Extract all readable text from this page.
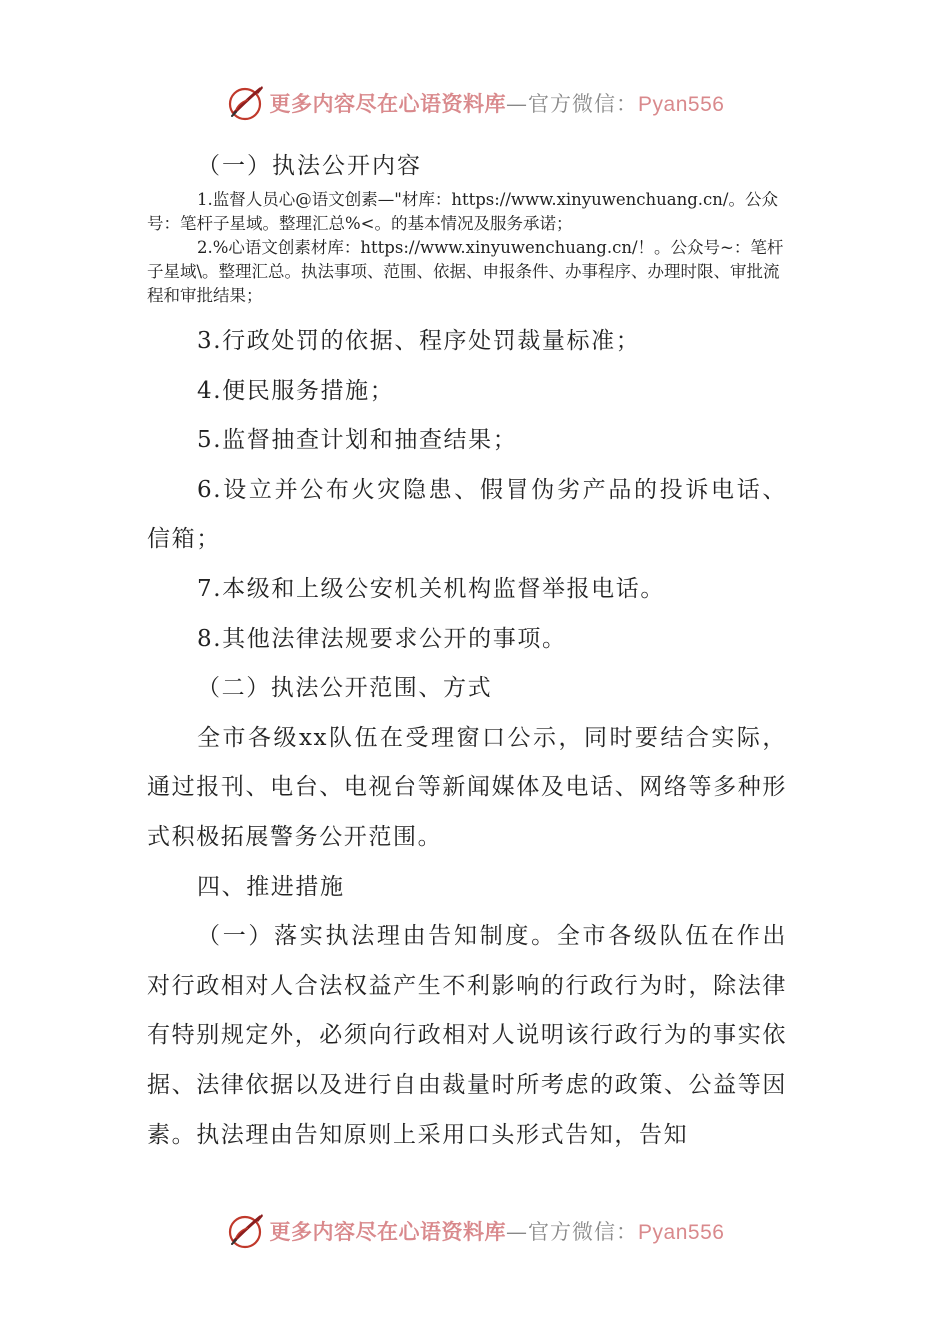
更多内容尽在心语资料库—官方微信：Pyan556

（一）执法公开内容

1.监督人员心@语文创素—"材库：https://www.xinyuwenchuang.cn/。公众号：笔杆子星域。整理汇总%<。的基本情况及服务承诺；

2.%心语文创素材库：https://www.xinyuwenchuang.cn/！。公众号~：笔杆子星域\。整理汇总。执法事项、范围、依据、申报条件、办事程序、办理时限、审批流程和审批结果；

3.行政处罚的依据、程序处罚裁量标准；

4.便民服务措施；

5.监督抽查计划和抽查结果；

6.设立并公布火灾隐患、假冒伪劣产品的投诉电话、信箱；

7.本级和上级公安机关机构监督举报电话。

8.其他法律法规要求公开的事项。

（二）执法公开范围、方式

全市各级xx队伍在受理窗口公示，同时要结合实际，通过报刊、电台、电视台等新闻媒体及电话、网络等多种形式积极拓展警务公开范围。

四、推进措施

（一）落实执法理由告知制度。全市各级队伍在作出对行政相对人合法权益产生不利影响的行政行为时，除法律有特别规定外，必须向行政相对人说明该行政行为的事实依据、法律依据以及进行自由裁量时所考虑的政策、公益等因素。执法理由告知原则上采用口头形式告知，告知

更多内容尽在心语资料库—官方微信：Pyan556
